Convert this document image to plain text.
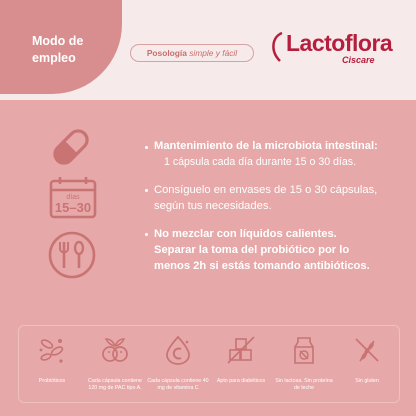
Modo de empleo	Posología simple y fácil	Lactoflora
Ciscare
días
15–30
Mantenimiento de la microbiota intestinal:
1 cápsula cada día durante 15 o 30 días.
Consíguelo en envases de 15 o 30 cápsulas, según tus necesidades.
No mezclar con líquidos calientes. Separar la toma del probiótico por lo menos 2h si estás tomando antibióticos.
Probióticos	Cada cápsula contiene 120 mg de PAC tipo A.
Cada cápsula contiene 40 mg de vitamina C
Apto para diabéticos	Sin lactosa. Sin proteína de leche
Sin gluten
